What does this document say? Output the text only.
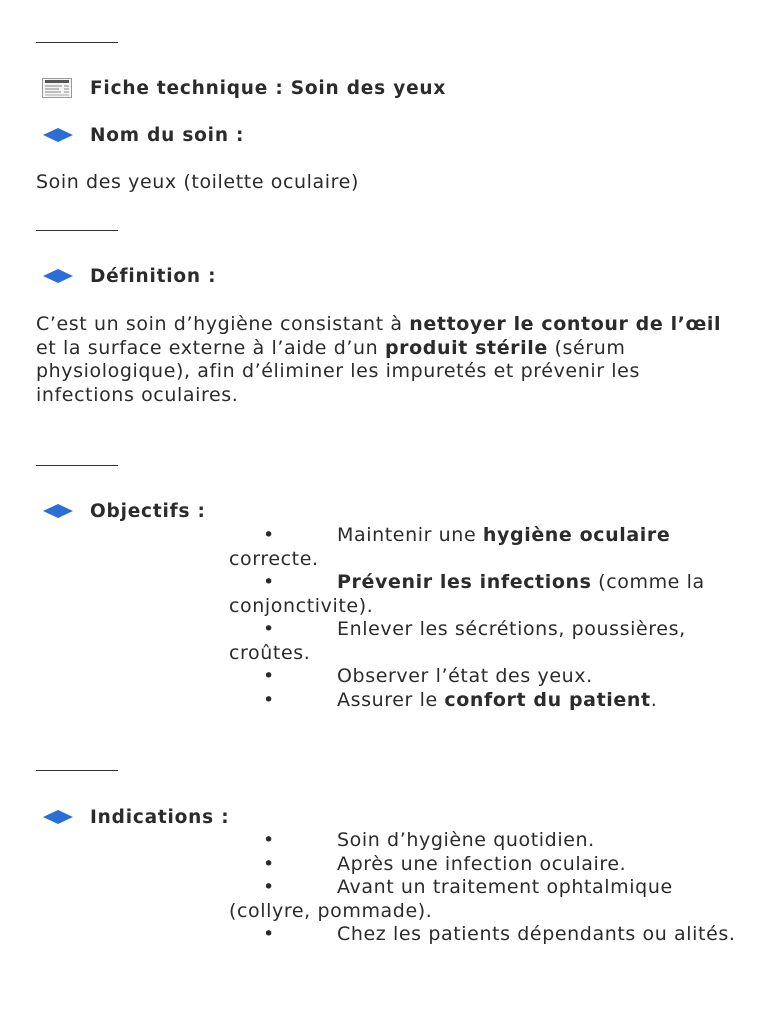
Fiche technique : Soin des yeux
Nom du soin :
Soin des yeux (toilette oculaire)
Définition :
C’est un soin d’hygiène consistant à nettoyer le contour de l’œil et la surface externe à l’aide d’un produit stérile (sérum physiologique), afin d’éliminer les impuretés et prévenir les infections oculaires.
Objectifs :
•	Maintenir une hygiène oculaire correcte.
•	Prévenir les infections (comme la conjonctivite).
•	Enlever les sécrétions, poussières, croûtes.
•	Observer l’état des yeux.
•	Assurer le confort du patient.
Indications :
•	Soin d’hygiène quotidien.
•	Après une infection oculaire.
•	Avant un traitement ophtalmique (collyre, pommade).
•	Chez les patients dépendants ou alités.
